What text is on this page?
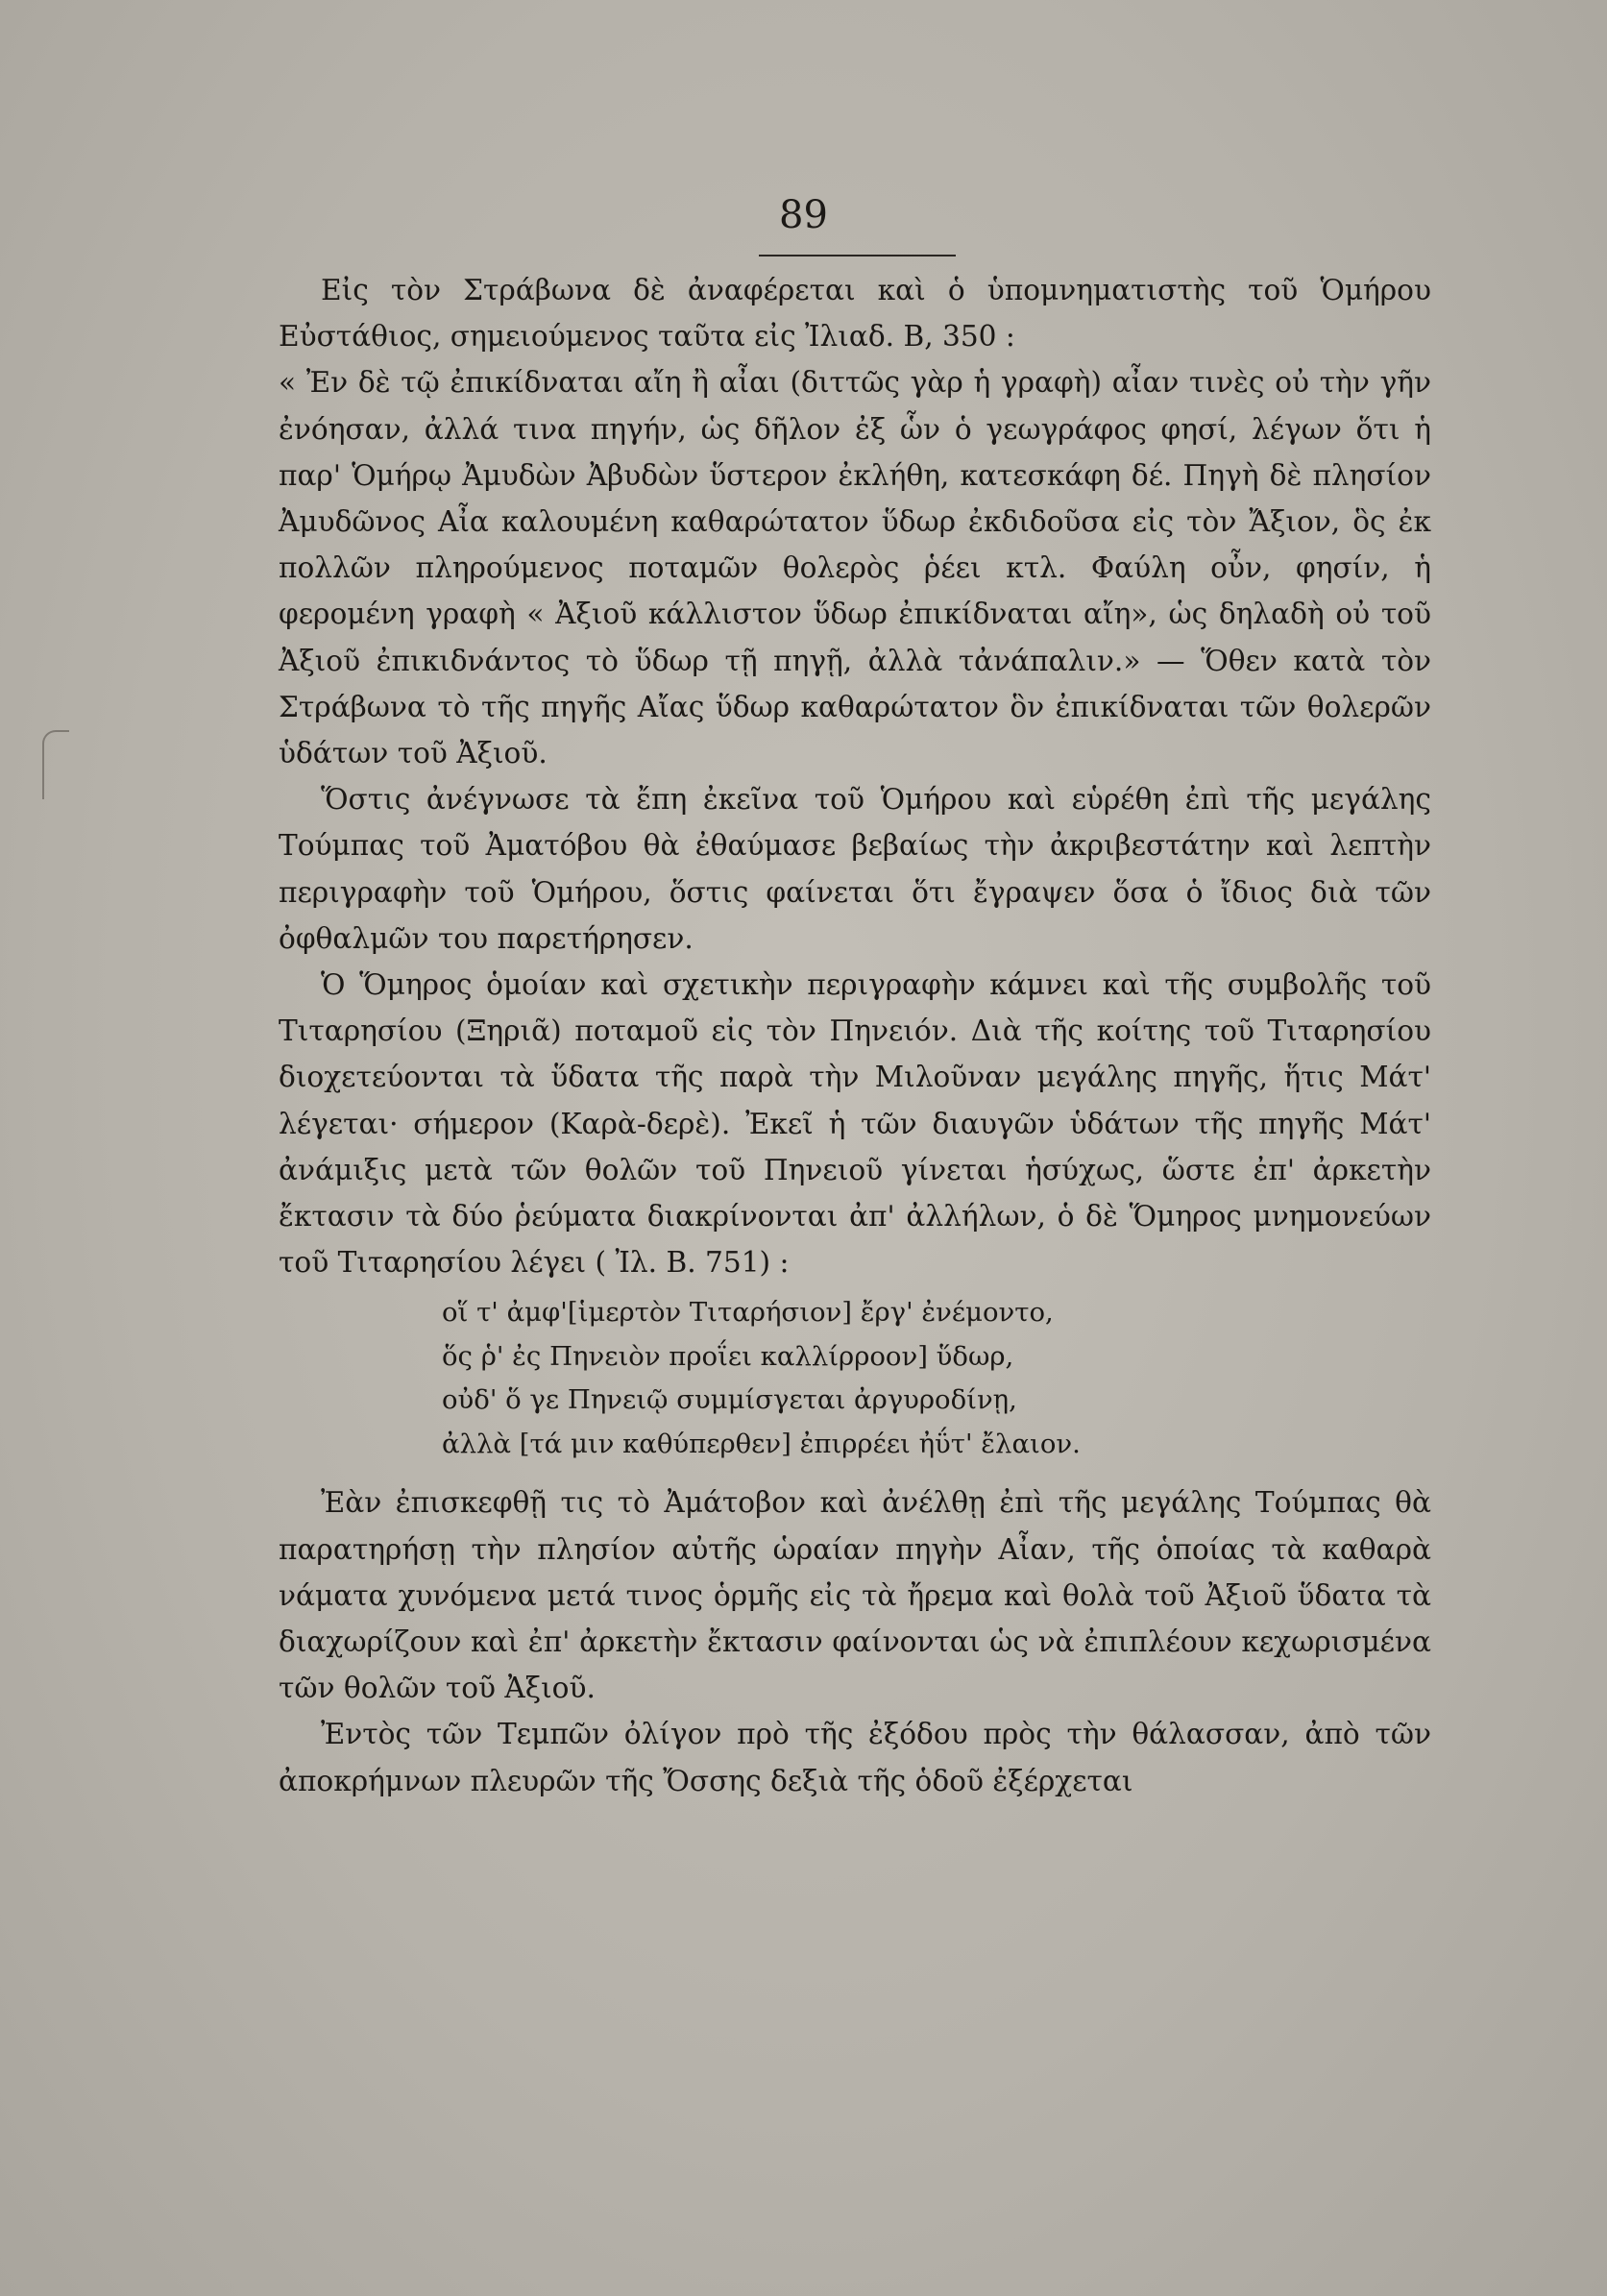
89

Εἰς τὸν Στράβωνα δὲ ἀναφέρεται καὶ ὁ ὑπομνηματιστὴς τοῦ Ὁμήρου Εὐστάθιος, σημειούμενος ταῦτα εἰς Ἰλιαδ. Β, 350 :

« Ἐν δὲ τῷ ἐπικίδναται αἴη ἢ αἶαι (διττῶς γὰρ ἡ γραφὴ) αἶαν τινὲς οὐ τὴν γῆν ἐνόησαν, ἀλλά τινα πηγήν, ὡς δῆλον ἐξ ὧν ὁ γεωγράφος φησί, λέγων ὅτι ἡ παρ' Ὁμήρῳ Ἀμυδὼν Ἀβυδὼν ὕστερον ἐκλήθη, κατεσκάφη δέ. Πηγὴ δὲ πλησίον Ἀμυδῶνος Αἶα καλουμένη καθαρώτατον ὕδωρ ἐκδιδοῦσα εἰς τὸν Ἄξιον, ὃς ἐκ πολλῶν πληρούμενος ποταμῶν θολερὸς ῥέει κτλ. Φαύλη οὖν, φησίν, ἡ φερομένη γραφὴ « Ἀξιοῦ κάλλιστον ὕδωρ ἐπικίδναται αἴη», ὡς δηλαδὴ οὐ τοῦ Ἀξιοῦ ἐπικιδνάντος τὸ ὕδωρ τῇ πηγῇ, ἀλλὰ τἀνάπαλιν.» — Ὅθεν κατὰ τὸν Στράβωνα τὸ τῆς πηγῆς Αἴας ὕδωρ καθαρώτατον ὃν ἐπικίδναται τῶν θολερῶν ὑδάτων τοῦ Ἀξιοῦ.

Ὅστις ἀνέγνωσε τὰ ἔπη ἐκεῖνα τοῦ Ὁμήρου καὶ εὑρέθη ἐπὶ τῆς μεγάλης Τούμπας τοῦ Ἀματόβου θὰ ἐθαύμασε βεβαίως τὴν ἀκριβεστάτην καὶ λεπτὴν περιγραφὴν τοῦ Ὁμήρου, ὅστις φαίνεται ὅτι ἔγραψεν ὅσα ὁ ἴδιος διὰ τῶν ὀφθαλμῶν του παρετήρησεν.

Ὁ Ὅμηρος ὁμοίαν καὶ σχετικὴν περιγραφὴν κάμνει καὶ τῆς συμβολῆς τοῦ Τιταρησίου (Ξηριᾶ) ποταμοῦ εἰς τὸν Πηνειόν. Διὰ τῆς κοίτης τοῦ Τιταρησίου διοχετεύονται τὰ ὕδατα τῆς παρὰ τὴν Μιλοῦναν μεγάλης πηγῆς, ἥτις Μάτ' λέγεται· σήμερον (Καρὰ-δερὲ). Ἐκεῖ ἡ τῶν διαυγῶν ὑδάτων τῆς πηγῆς Μάτ' ἀνάμιξις μετὰ τῶν θολῶν τοῦ Πηνειοῦ γίνεται ἡσύχως, ὥστε ἐπ' ἀρκετὴν ἔκτασιν τὰ δύο ῥεύματα διακρίνονται ἀπ' ἀλλήλων, ὁ δὲ Ὅμηρος μνημονεύων τοῦ Τιταρησίου λέγει ( Ἰλ. Β. 751) :

οἵ τ' ἀμφ'[ἱμερτὸν Τιταρήσιον] ἔργ' ἐνέμοντο,
ὅς ῥ' ἐς Πηνειὸν προΐει καλλίρροον] ὕδωρ,
οὐδ' ὅ γε Πηνειῷ συμμίσγεται ἀργυροδίνῃ,
ἀλλὰ [τά μιν καθύπερθεν] ἐπιρρέει ἠΰτ' ἔλαιον.

Ἐὰν ἐπισκεφθῇ τις τὸ Ἀμάτοβον καὶ ἀνέλθῃ ἐπὶ τῆς μεγάλης Τούμπας θὰ παρατηρήσῃ τὴν πλησίον αὐτῆς ὡραίαν πηγὴν Αἶαν, τῆς ὁποίας τὰ καθαρὰ νάματα χυνόμενα μετά τινος ὁρμῆς εἰς τὰ ἤρεμα καὶ θολὰ τοῦ Ἀξιοῦ ὕδατα τὰ διαχωρίζουν καὶ ἐπ' ἀρκετὴν ἔκτασιν φαίνονται ὡς νὰ ἐπιπλέουν κεχωρισμένα τῶν θολῶν τοῦ Ἀξιοῦ.

Ἐντὸς τῶν Τεμπῶν ὀλίγον πρὸ τῆς ἐξόδου πρὸς τὴν θάλασσαν, ἀπὸ τῶν ἀποκρήμνων πλευρῶν τῆς Ὄσσης δεξιὰ τῆς ὁδοῦ ἐξέρχεται
